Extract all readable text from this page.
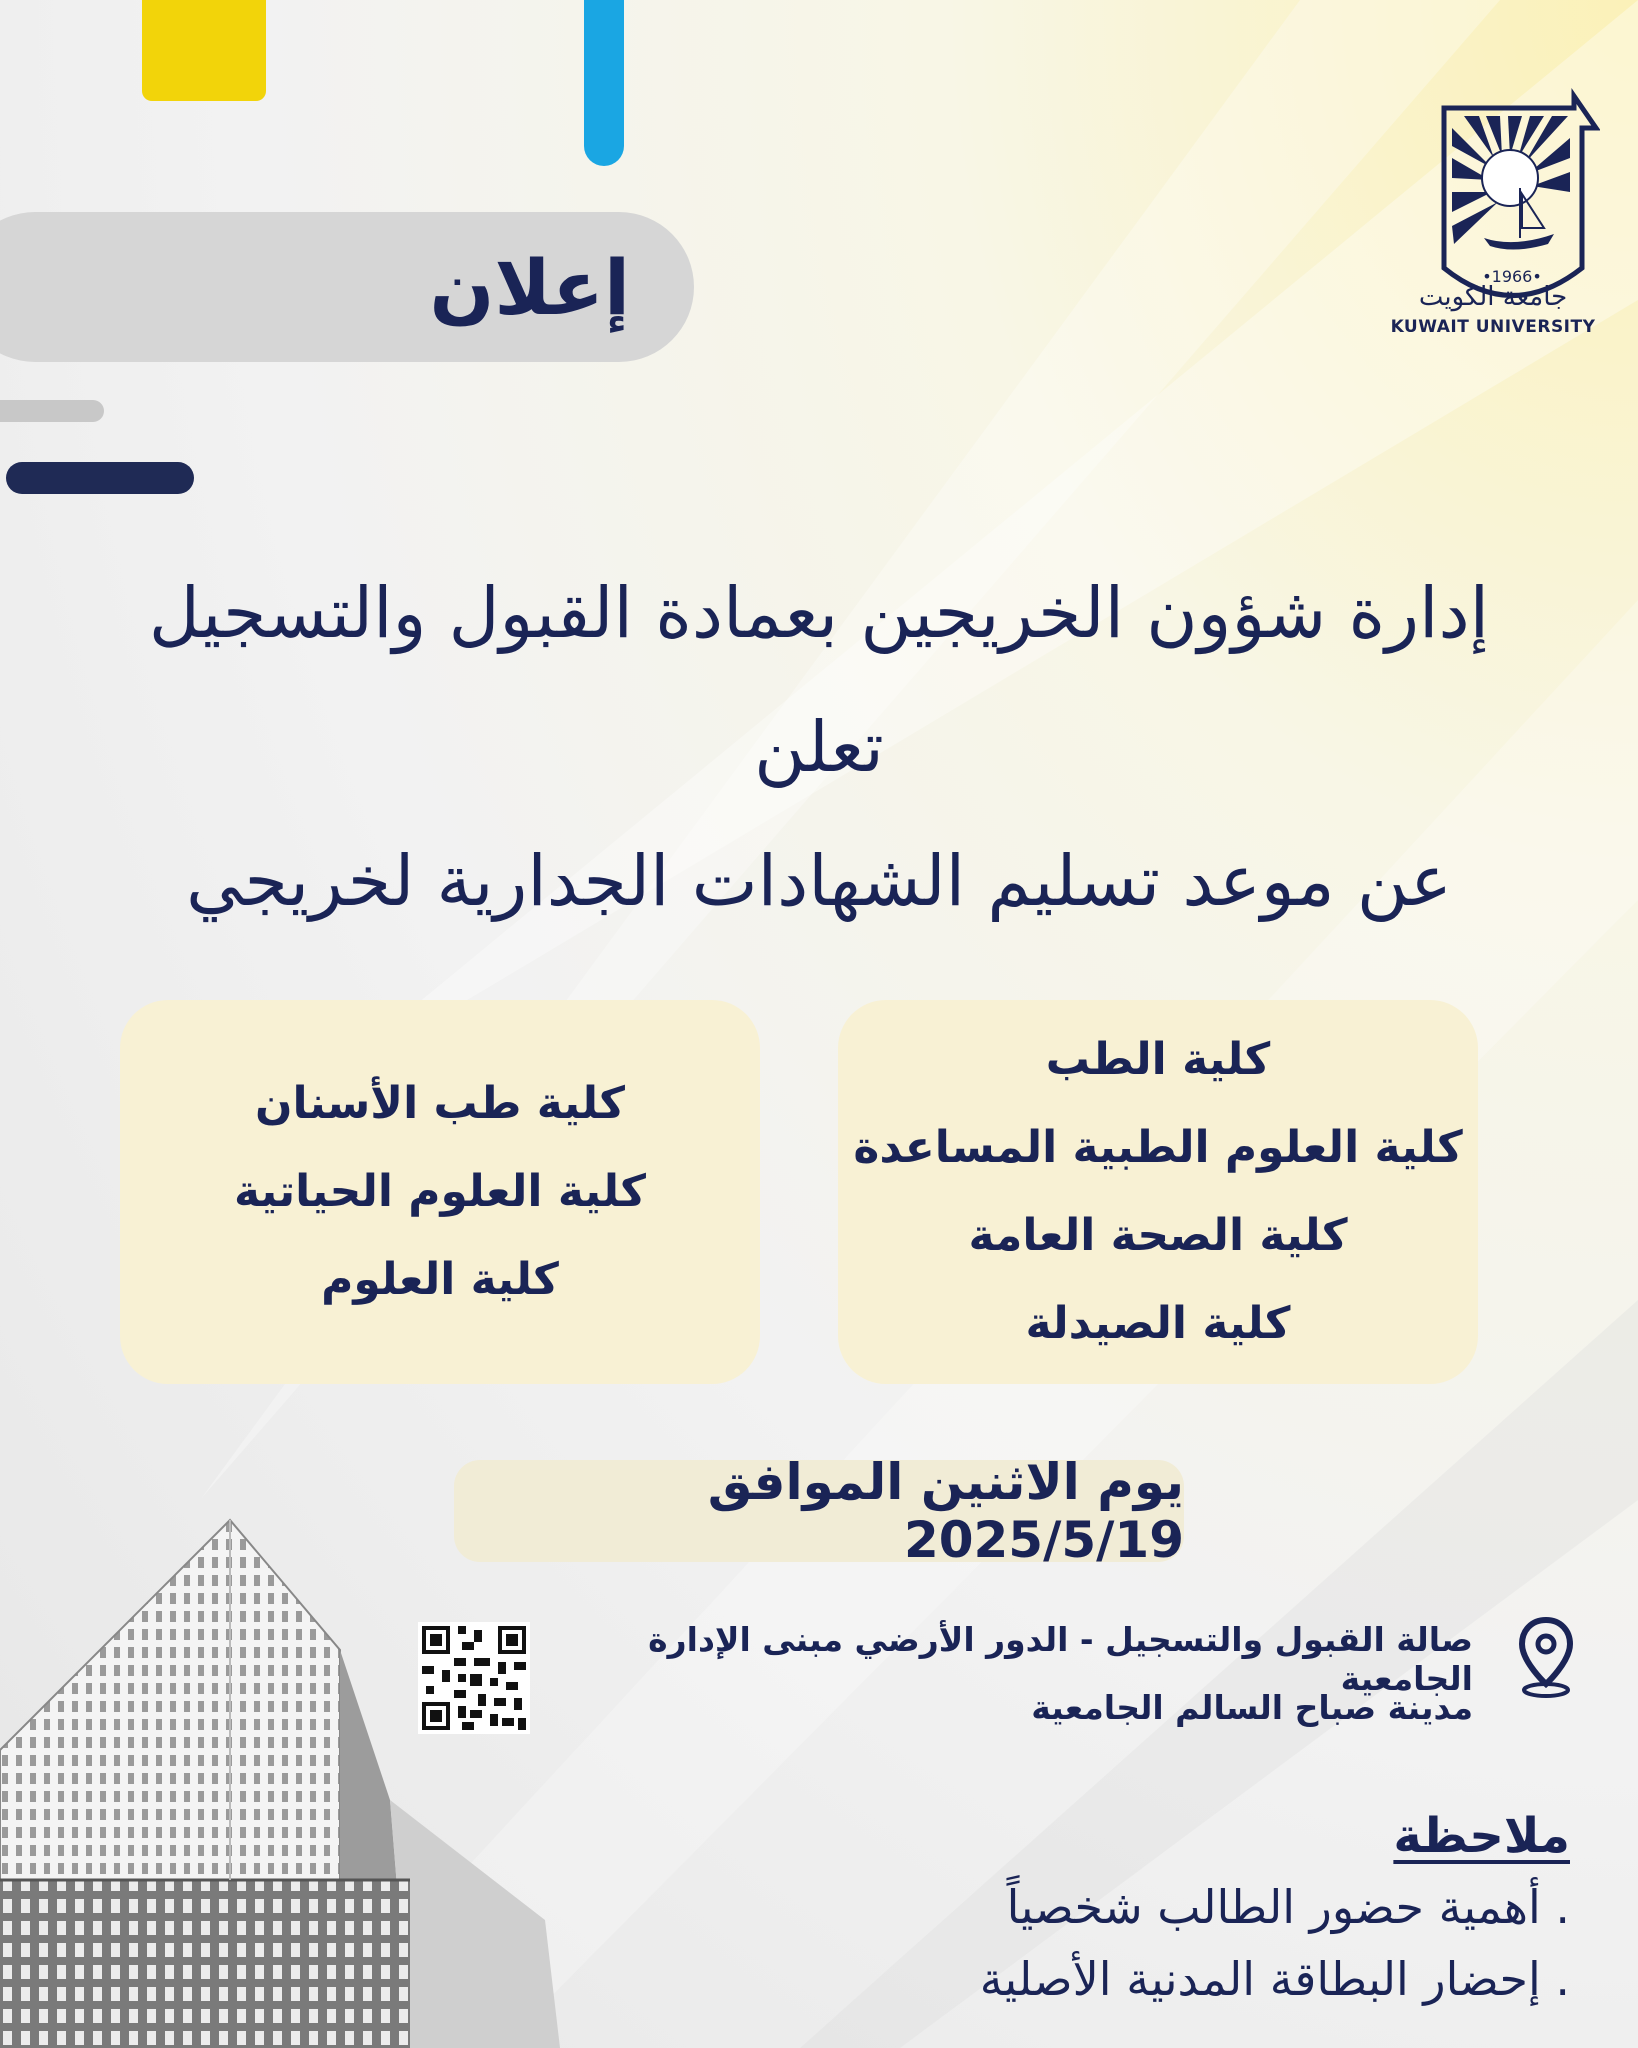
إعلان	•1966•
جامعة الكويت
KUWAIT UNIVERSITY
إدارة شؤون الخريجين بعمادة القبول والتسجيل
تعلن
عن موعد تسليم الشهادات الجدارية لخريجي
كلية الطب
كلية العلوم الطبية المساعدة
كلية الصحة العامة
كلية الصيدلة
كلية طب الأسنان
كلية العلوم الحياتية
كلية العلوم
يوم الاثنين الموافق 2025/5/19
صالة القبول والتسجيل - الدور الأرضي مبنى الإدارة الجامعية
مدينة صباح السالم الجامعية
ملاحظة
. أهمية حضور الطالب شخصياً
. إحضار البطاقة المدنية الأصلية
